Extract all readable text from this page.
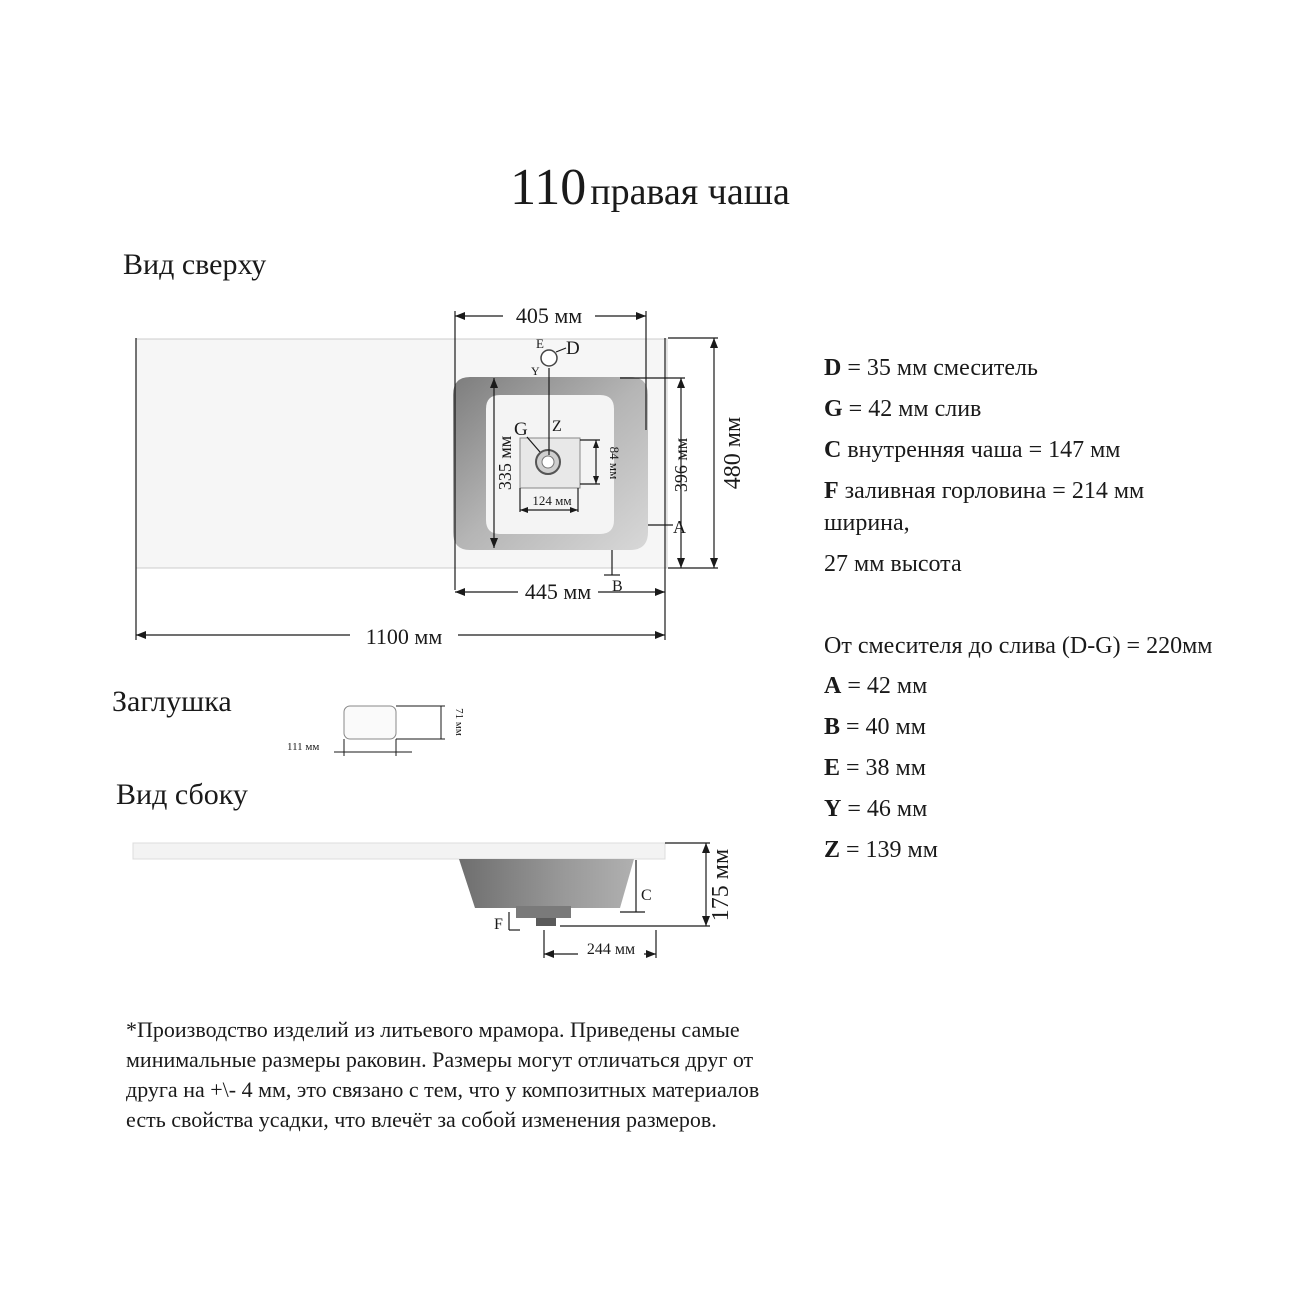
110 правая чаша
Вид сверху
Заглушка
Вид сбоку
405 мм
445 мм
1100 мм
480 мм
396 мм
335 мм	84 мм
124 мм
E D
Y
G Z
A
B
111 мм
71 мм
244 мм
175 мм
C
F
D = 35 мм смеситель
G = 42 мм слив
C внутренняя чаша = 147 мм
F заливная горловина = 214 мм
ширина,
27 мм высота
От смесителя до слива (D-G) = 220мм
A = 42 мм
B = 40 мм
E = 38 мм
Y = 46 мм
Z = 139 мм
*Производство изделий из литьевого мрамора. Приведены самые минимальные размеры раковин. Размеры могут отличаться друг от друга на +\- 4 мм, это связано с тем, что у композитных материалов есть свойства усадки, что влечёт за собой изменения размеров.
